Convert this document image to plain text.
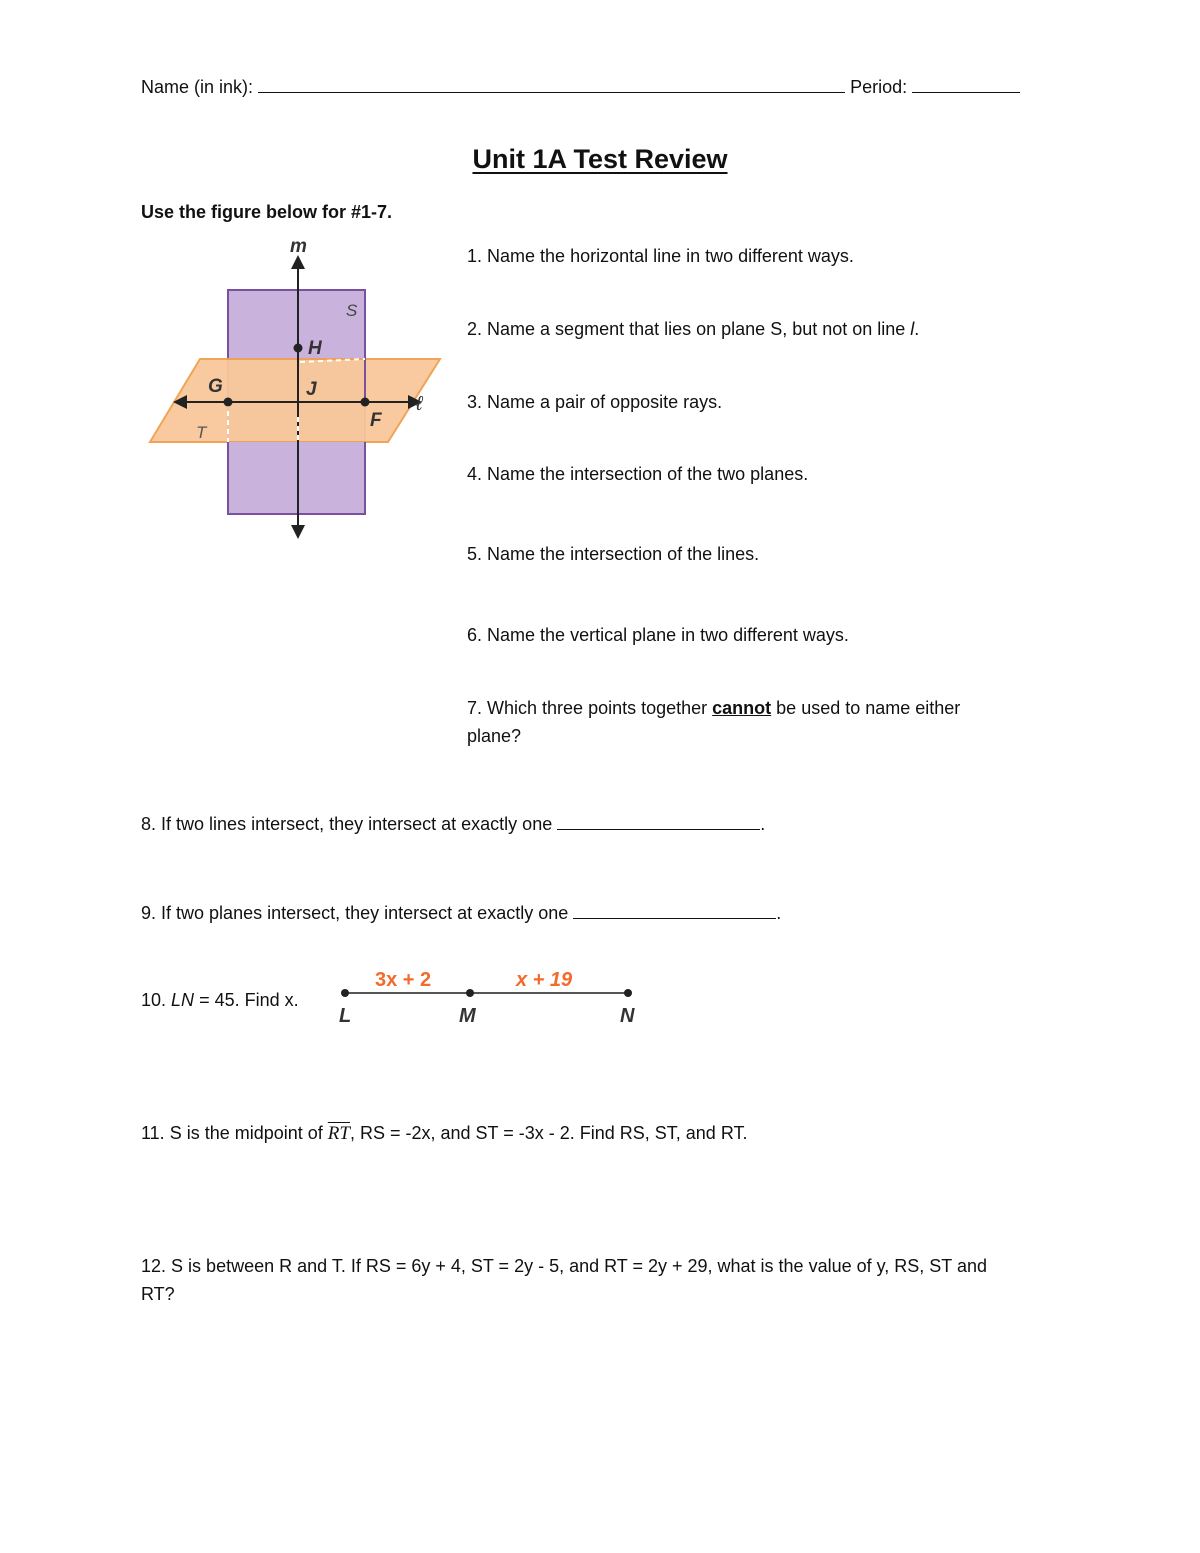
Name (in ink):	Period:
Unit 1A Test Review
Use the figure below for #1-7.
m
S
H
G	J
ℓ
F
T
1. Name the horizontal line in two different ways.
2. Name a segment that lies on plane S, but not on line l.
3. Name a pair of opposite rays.
4. Name the intersection of the two planes.
5. Name the intersection of the lines.
6. Name the vertical plane in two different ways.
7. Which three points together cannot be used to name either
plane?
8. If two lines intersect, they intersect at exactly one	.
9. If two planes intersect, they intersect at exactly one	.
10. LN = 45. Find x.
3x + 2	x + 19
L	M	N
11. S is the midpoint of $\overline{RT}$, RS = -2x, and ST = -3x - 2. Find RS, ST, and RT.
12. S is between R and T. If RS = 6y + 4, ST = 2y - 5, and RT = 2y + 29, what is the value of y, RS, ST and
RT?
